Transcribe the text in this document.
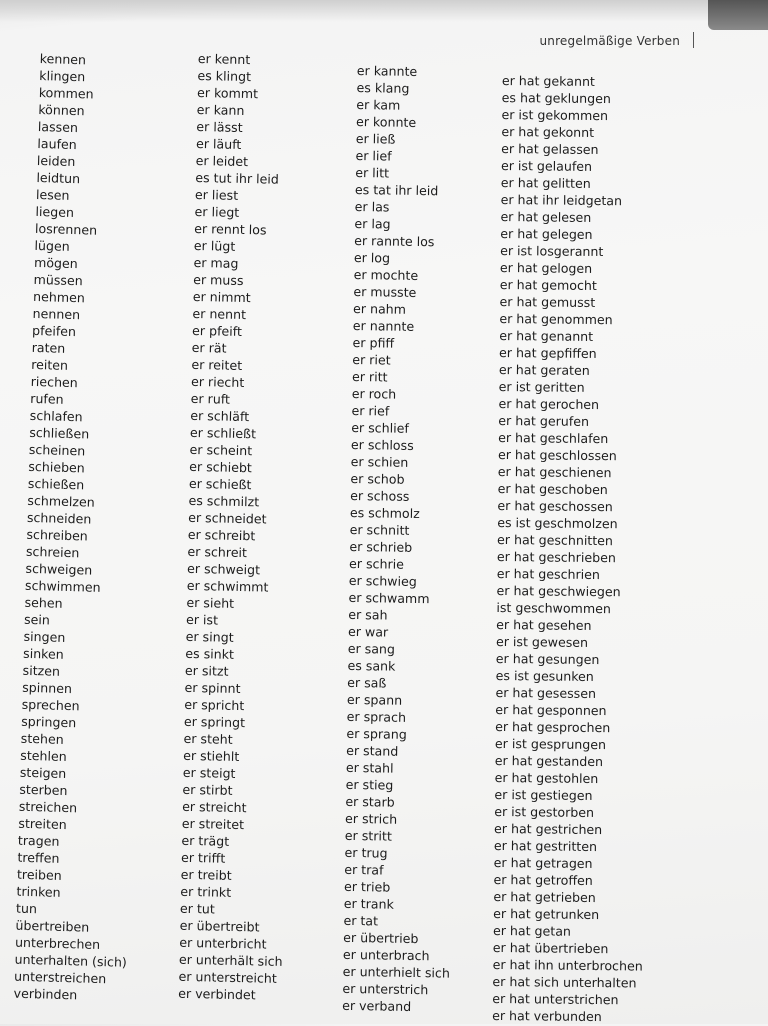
unregelmäßige Verben
kennen
klingen
kommen
können
lassen
laufen
leiden
leidtun
lesen
liegen
losrennen
lügen
mögen
müssen
nehmen
nennen
pfeifen
raten
reiten
riechen
rufen
schlafen
schließen
scheinen
schieben
schießen
schmelzen
schneiden
schreiben
schreien
schweigen
schwimmen
sehen
sein
singen
sinken
sitzen
spinnen
sprechen
springen
stehen
stehlen
steigen
sterben
streichen
streiten
tragen
treffen
treiben
trinken
tun
übertreiben
unterbrechen
unterhalten (sich)
unterstreichen
verbinden
er kennt
es klingt
er kommt
er kann
er lässt
er läuft
er leidet
es tut ihr leid
er liest
er liegt
er rennt los
er lügt
er mag
er muss
er nimmt
er nennt
er pfeift
er rät
er reitet
er riecht
er ruft
er schläft
er schließt
er scheint
er schiebt
er schießt
es schmilzt
er schneidet
er schreibt
er schreit
er schweigt
er schwimmt
er sieht
er ist
er singt
es sinkt
er sitzt
er spinnt
er spricht
er springt
er steht
er stiehlt
er steigt
er stirbt
er streicht
er streitet
er trägt
er trifft
er treibt
er trinkt
er tut
er übertreibt
er unterbricht
er unterhält sich
er unterstreicht
er verbindet
er kannte
es klang
er kam
er konnte
er ließ
er lief
er litt
es tat ihr leid
er las
er lag
er rannte los
er log
er mochte
er musste
er nahm
er nannte
er pfiff
er riet
er ritt
er roch
er rief
er schlief
er schloss
er schien
er schob
er schoss
es schmolz
er schnitt
er schrieb
er schrie
er schwieg
er schwamm
er sah
er war
er sang
es sank
er saß
er spann
er sprach
er sprang
er stand
er stahl
er stieg
er starb
er strich
er stritt
er trug
er traf
er trieb
er trank
er tat
er übertrieb
er unterbrach
er unterhielt sich
er unterstrich
er verband
er hat gekannt
es hat geklungen
er ist gekommen
er hat gekonnt
er hat gelassen
er ist gelaufen
er hat gelitten
er hat ihr leidgetan
er hat gelesen
er hat gelegen
er ist losgerannt
er hat gelogen
er hat gemocht
er hat gemusst
er hat genommen
er hat genannt
er hat gepfiffen
er hat geraten
er ist geritten
er hat gerochen
er hat gerufen
er hat geschlafen
er hat geschlossen
er hat geschienen
er hat geschoben
er hat geschossen
es ist geschmolzen
er hat geschnitten
er hat geschrieben
er hat geschrien
er hat geschwiegen
ist geschwommen
er hat gesehen
er ist gewesen
er hat gesungen
es ist gesunken
er hat gesessen
er hat gesponnen
er hat gesprochen
er ist gesprungen
er hat gestanden
er hat gestohlen
er ist gestiegen
er ist gestorben
er hat gestrichen
er hat gestritten
er hat getragen
er hat getroffen
er hat getrieben
er hat getrunken
er hat getan
er hat übertrieben
er hat ihn unterbrochen
er hat sich unterhalten
er hat unterstrichen
er hat verbunden
